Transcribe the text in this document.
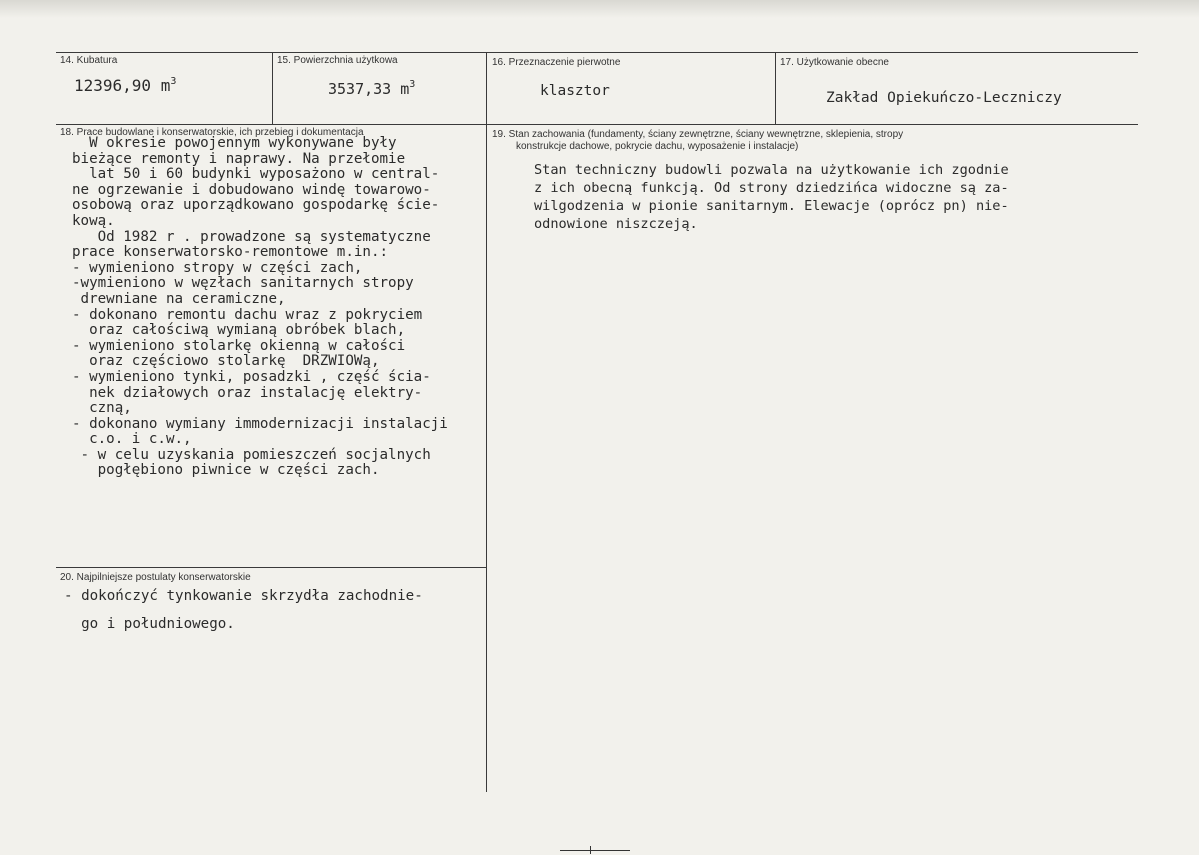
14. Kubatura
12396,90 $m^3$
15. Powierzchnia użytkowa
3537,33 $m^3$
16. Przeznaczenie pierwotne
klasztor
17. Użytkowanie obecne
Zakład Opiekuńczo-Leczniczy
18. Prace budowlane i konserwatorskie, ich przebieg i dokumentacja
W okresie powojennym wykonywane były
bieżące remonty i naprawy. Na przełomie
lat 50 i 60 budynki wyposażono w central-
ne ogrzewanie i dobudowano windę towarowo-
osobową oraz uporządkowano gospodarkę ście-
kową.
Od 1982 r . prowadzone są systematyczne
prace konserwatorsko-remontowe m.in.:
- wymieniono stropy w części zach,
-wymieniono w węzłach sanitarnych stropy
drewniane na ceramiczne,
- dokonano remontu dachu wraz z pokryciem
oraz całościwą wymianą obróbek blach,
- wymieniono stolarkę okienną w całości
oraz częściowo stolarkę  DRZWIOWą,
- wymieniono tynki, posadzki , część ścia-
nek działowych oraz instalację elektry-
czną,
- dokonano wymiany immodernizacji instalacji
c.o. i c.w.,
- w celu uzyskania pomieszczeń socjalnych
pogłębiono piwnice w części zach.
19. Stan zachowania (fundamenty, ściany zewnętrzne, ściany wewnętrzne, sklepienia, stropy
konstrukcje dachowe, pokrycie dachu, wyposażenie i instalacje)
Stan techniczny budowli pozwala na użytkowanie ich zgodnie
z ich obecną funkcją. Od strony dziedzińca widoczne są za-
wilgodzenia w pionie sanitarnym. Elewacje (oprócz pn) nie-
odnowione niszczeją.
20. Najpilniejsze postulaty konserwatorskie
- dokończyć tynkowanie skrzydła zachodnie-
go i południowego.
